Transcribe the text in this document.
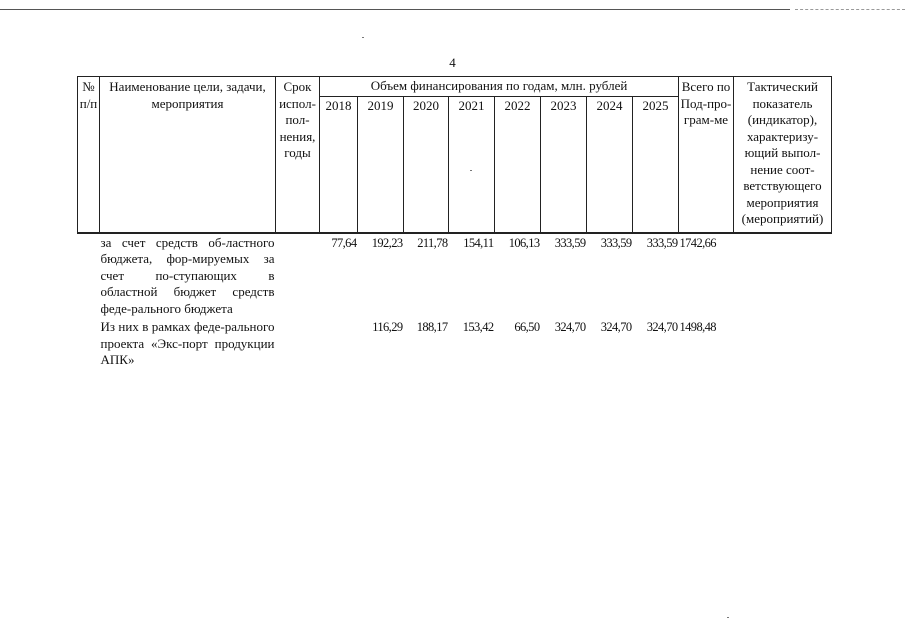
4
№ п/п	Наименование цели, задачи, мероприятия	Срок испол-пол-нения, годы	Объем финансирования по годам, млн. рублей								Всего по Под-про-грам-ме	Тактический показатель (индикатор), характеризу-ющий выпол-нение соот-ветствующего мероприятия (мероприятий)
			2018	2019	2020	2021	2022	2023	2024	2025		

	за счет средств об-ластного бюджета, фор-мируемых за счет по-ступающих в областной бюджет средств феде-рального бюджета		77,64	192,23	211,78	154,11	106,13	333,59	333,59	333,59	1742,66	
	Из них в рамках феде-рального проекта «Экс-порт продукции АПК»			116,29	188,17	153,42	66,50	324,70	324,70	324,70	1498,48	
